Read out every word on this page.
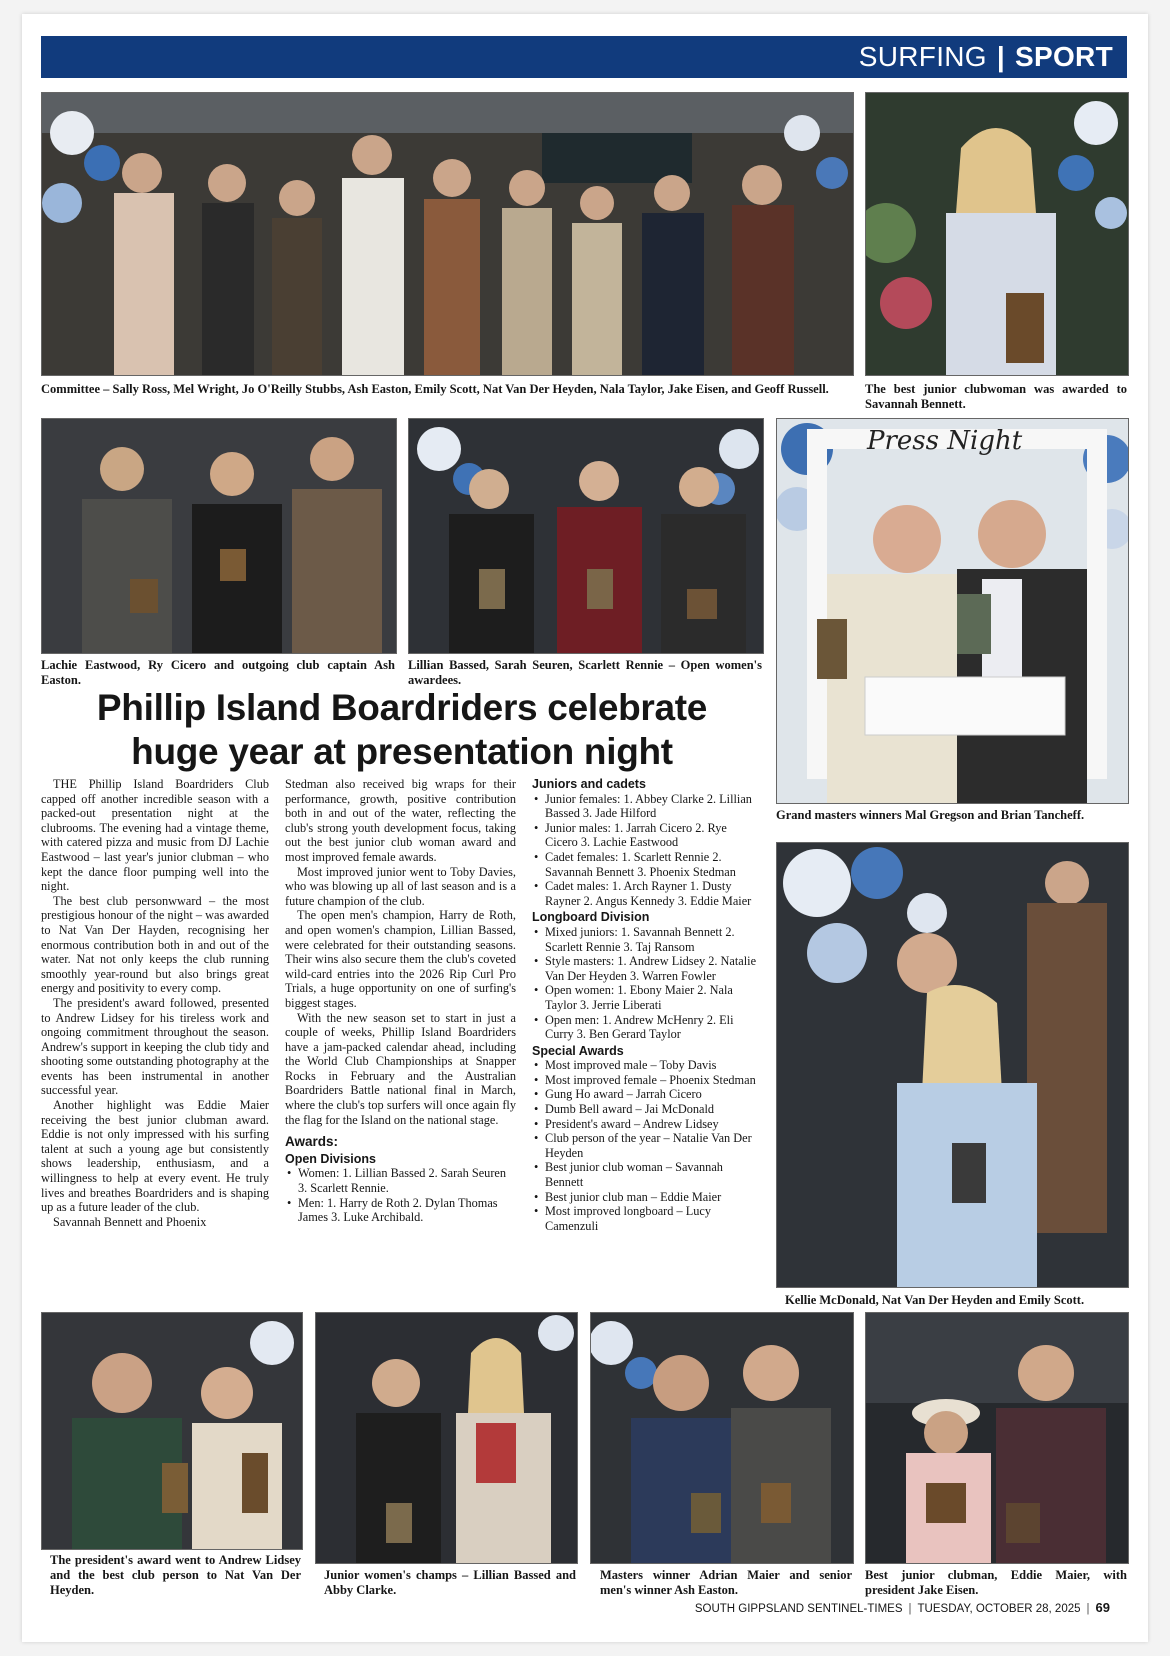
SURFING | SPORT
Committee – Sally Ross, Mel Wright, Jo O'Reilly Stubbs, Ash Easton, Emily Scott, Nat Van Der Heyden, Nala Taylor, Jake Eisen, and Geoff Russell.	The best junior clubwoman was awarded to Savannah Bennett.
Lachie Eastwood, Ry Cicero and outgoing club captain Ash Easton.
Lillian Bassed, Sarah Seuren, Scarlett Rennie – Open women's awardees.
Press Night
Grand masters winners Mal Gregson and Brian Tancheff.
Phillip Island Boardriders celebrate
huge year at presentation night

THE Phillip Island Boardriders Club capped off another incredible season with a packed-out presentation night at the clubrooms. The evening had a vintage theme, with catered pizza and music from DJ Lachie Eastwood – last year's junior clubman – who kept the dance floor pumping well into the night.

The best club personwward – the most prestigious honour of the night – was awarded to Nat Van Der Hayden, recognising her enormous contribution both in and out of the water. Nat not only keeps the club running smoothly year-round but also brings great energy and positivity to every comp.

The president's award followed, presented to Andrew Lidsey for his tireless work and ongoing commitment throughout the season. Andrew's support in keeping the club tidy and shooting some outstanding photography at the events has been instrumental in another successful year.

Another highlight was Eddie Maier receiving the best junior clubman award. Eddie is not only impressed with his surfing talent at such a young age but consistently shows leadership, enthusiasm, and a willingness to help at every event. He truly lives and breathes Boardriders and is shaping up as a future leader of the club.

Savannah Bennett and Phoenix

Stedman also received big wraps for their performance, growth, positive contribution both in and out of the water, reflecting the club's strong youth development focus, taking out the best junior club woman award and most improved female awards.

Most improved junior went to Toby Davies, who was blowing up all of last season and is a future champion of the club.

The open men's champion, Harry de Roth, and open women's champion, Lillian Bassed, were celebrated for their outstanding seasons. Their wins also secure them the club's coveted wild-card entries into the 2026 Rip Curl Pro Trials, a huge opportunity on one of surfing's biggest stages.

With the new season set to start in just a couple of weeks, Phillip Island Boardriders have a jam-packed calendar ahead, including the World Club Championships at Snapper Rocks in February and the Australian Boardriders Battle national final in March, where the club's top surfers will once again fly the flag for the Island on the national stage.

Awards:
Open Divisions
• Women: 1. Lillian Bassed 2. Sarah Seuren 3. Scarlett Rennie.
• Men: 1. Harry de Roth 2. Dylan Thomas James 3. Luke Archibald.
Juniors and cadets
• Junior females: 1. Abbey Clarke 2. Lillian Bassed 3. Jade Hilford
• Junior males: 1. Jarrah Cicero 2. Rye Cicero 3. Lachie Eastwood
• Cadet females: 1. Scarlett Rennie 2. Savannah Bennett 3. Phoenix Stedman
• Cadet males: 1. Arch Rayner 1. Dusty Rayner 2. Angus Kennedy 3. Eddie Maier
Longboard Division
• Mixed juniors: 1. Savannah Bennett 2. Scarlett Rennie 3. Taj Ransom
• Style masters: 1. Andrew Lidsey 2. Natalie Van Der Heyden 3. Warren Fowler
• Open women: 1. Ebony Maier 2. Nala Taylor 3. Jerrie Liberati
• Open men: 1. Andrew McHenry 2. Eli Curry 3. Ben Gerard Taylor
Special Awards
• Most improved male – Toby Davis
• Most improved female – Phoenix Stedman
• Gung Ho award – Jarrah Cicero
• Dumb Bell award – Jai McDonald
• President's award – Andrew Lidsey
• Club person of the year – Natalie Van Der Heyden
• Best junior club woman – Savannah Bennett
• Best junior club man – Eddie Maier
• Most improved longboard – Lucy Camenzuli
Kellie McDonald, Nat Van Der Heyden and Emily Scott.
The president's award went to Andrew Lidsey and the best club person to Nat Van Der Heyden.
Junior women's champs – Lillian Bassed and Abby Clarke.
Masters winner Adrian Maier and senior men's winner Ash Easton.
Best junior clubman, Eddie Maier, with president Jake Eisen.
SOUTH GIPPSLAND SENTINEL-TIMES | TUESDAY, OCTOBER 28, 2025 | 69
